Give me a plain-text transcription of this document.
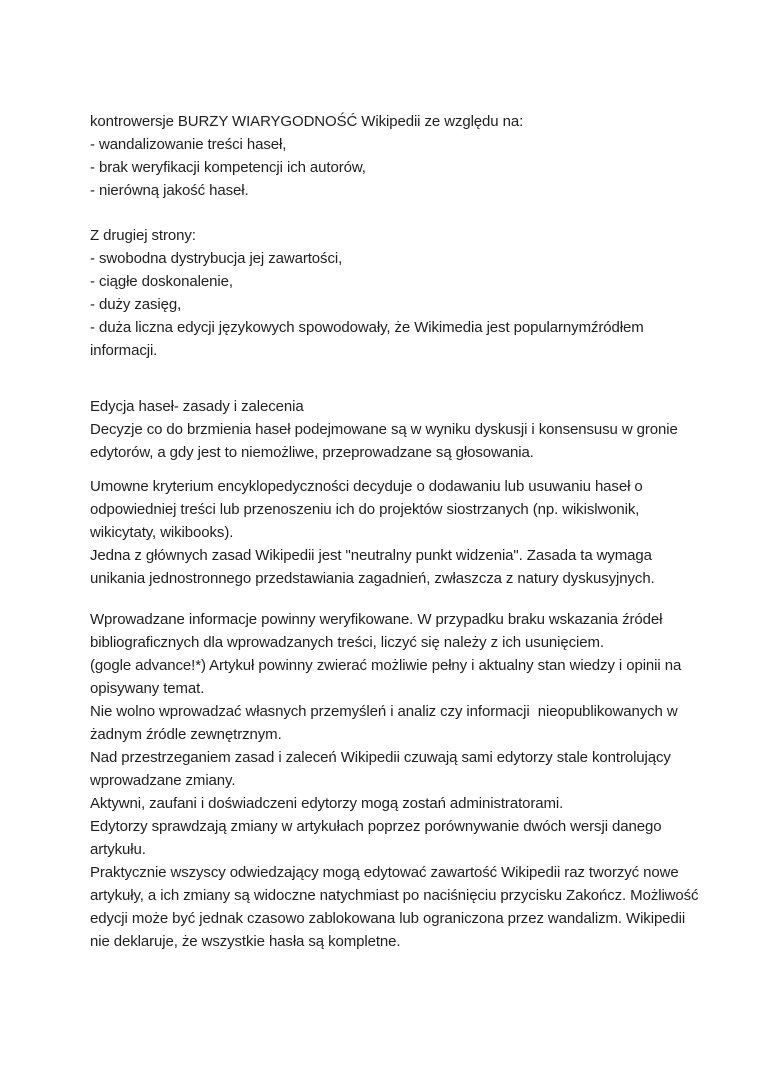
kontrowersje BURZY WIARYGODNOŚĆ Wikipedii ze względu na:
- wandalizowanie treści haseł,
- brak weryfikacji kompetencji ich autorów,
- nierówną jakość haseł.
Z drugiej strony:
- swobodna dystrybucja jej zawartości,
- ciągłe doskonalenie,
- duży zasięg,
- duża liczna edycji językowych spowodowały, że Wikimedia jest popularnymźródłem
informacji.
Edycja haseł- zasady i zalecenia
Decyzje co do brzmienia haseł podejmowane są w wyniku dyskusji i konsensusu w gronie
edytorów, a gdy jest to niemożliwe, przeprowadzane są głosowania.
Umowne kryterium encyklopedyczności decyduje o dodawaniu lub usuwaniu haseł o
odpowiedniej treści lub przenoszeniu ich do projektów siostrzanych (np. wikislwonik,
wikicytaty, wikibooks).
Jedna z głównych zasad Wikipedii jest "neutralny punkt widzenia". Zasada ta wymaga
unikania jednostronnego przedstawiania zagadnień, zwłaszcza z natury dyskusyjnych.
Wprowadzane informacje powinny weryfikowane. W przypadku braku wskazania źródeł
bibliograficznych dla wprowadzanych treści, liczyć się należy z ich usunięciem.
(gogle advance!*) Artykuł powinny zwierać możliwie pełny i aktualny stan wiedzy i opinii na
opisywany temat.
Nie wolno wprowadzać własnych przemyśleń i analiz czy informacji  nieopublikowanych w
żadnym źródle zewnętrznym.
Nad przestrzeganiem zasad i zaleceń Wikipedii czuwają sami edytorzy stale kontrolujący
wprowadzane zmiany.
Aktywni, zaufani i doświadczeni edytorzy mogą zostań administratorami.
Edytorzy sprawdzają zmiany w artykułach poprzez porównywanie dwóch wersji danego
artykułu.
Praktycznie wszyscy odwiedzający mogą edytować zawartość Wikipedii raz tworzyć nowe
artykuły, a ich zmiany są widoczne natychmiast po naciśnięciu przycisku Zakończ. Możliwość
edycji może być jednak czasowo zablokowana lub ograniczona przez wandalizm. Wikipedii
nie deklaruje, że wszystkie hasła są kompletne.
